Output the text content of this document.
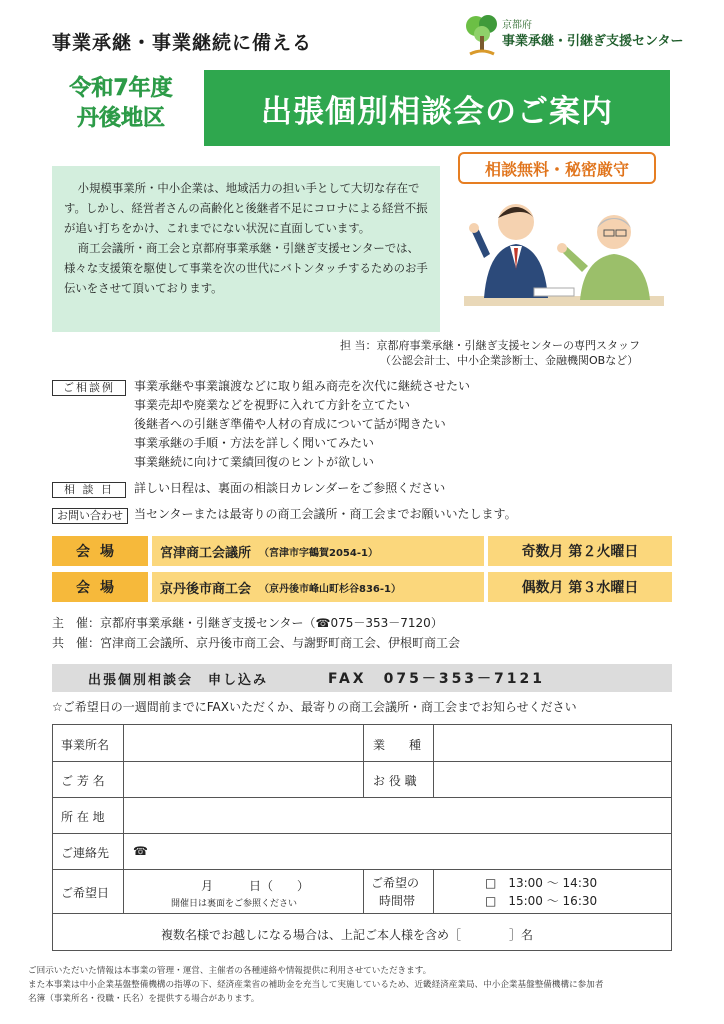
事業承継・事業継続に備える
京都府
事業承継・引継ぎ支援センター
令和7年度
丹後地区	出張個別相談会のご案内
相談無料・秘密厳守

小規模事業所・中小企業は、地域活力の担い手として大切な存在です。しかし、経営者さんの高齢化と後継者不足にコロナによる経営不振が追い打ちをかけ、これまでにない状況に直面しています。

商工会議所・商工会と京都府事業承継・引継ぎ支援センターでは、様々な支援策を駆使して事業を次の世代にバトンタッチするためのお手伝いをさせて頂いております。

担 当：京都府事業承継・引継ぎ支援センターの専門スタッフ
（公認会計士、中小企業診断士、金融機関OBなど）
ご相談例	事業承継や事業譲渡などに取り組み商売を次代に継続させたい
事業売却や廃業などを視野に入れて方針を立てたい
後継者への引継ぎ準備や人材の育成について話が聞きたい
事業承継の手順・方法を詳しく聞いてみたい
事業継続に向けて業績回復のヒントが欲しい
相 談 日	詳しい日程は、裏面の相談日カレンダーをご参照ください
お問い合わせ 当センターまたは最寄りの商工会議所・商工会までお願いいたします。
会場	宮津商工会議所 （宮津市字鶴賀2054-1）	奇数月 第２火曜日
会場	京丹後市商工会 （京丹後市峰山町杉谷836-1）	偶数月 第３水曜日
主　催：京都府事業承継・引継ぎ支援センター（☎075－353－7120）
共　催：宮津商工会議所、京丹後市商工会、与謝野町商工会、伊根町商工会
出張個別相談会　申し込み	FAX　075－353－7121
☆ご希望日の一週間前までにFAXいただくか、最寄りの商工会議所・商工会までお知らせください
事業所名	業　　種
ご 芳 名	お 役 職
所 在 地
ご連絡先 ☎
ご希望日	月　　　日（　　）
開催日は裏面をご参照ください
ご希望の
時間帯
□　13:00 ～ 14:30
□　15:00 ～ 16:30
複数名様でお越しになる場合は、上記ご本人様を含め［　　　　］名
ご回示いただいた情報は本事業の管理・運営、主催者の各種連絡や情報提供に利用させていただきます。
また本事業は中小企業基盤整備機構の指導の下、経済産業省の補助金を充当して実施しているため、近畿経済産業局、中小企業基盤整備機構に参加者
名簿（事業所名・役職・氏名）を提供する場合があります。
